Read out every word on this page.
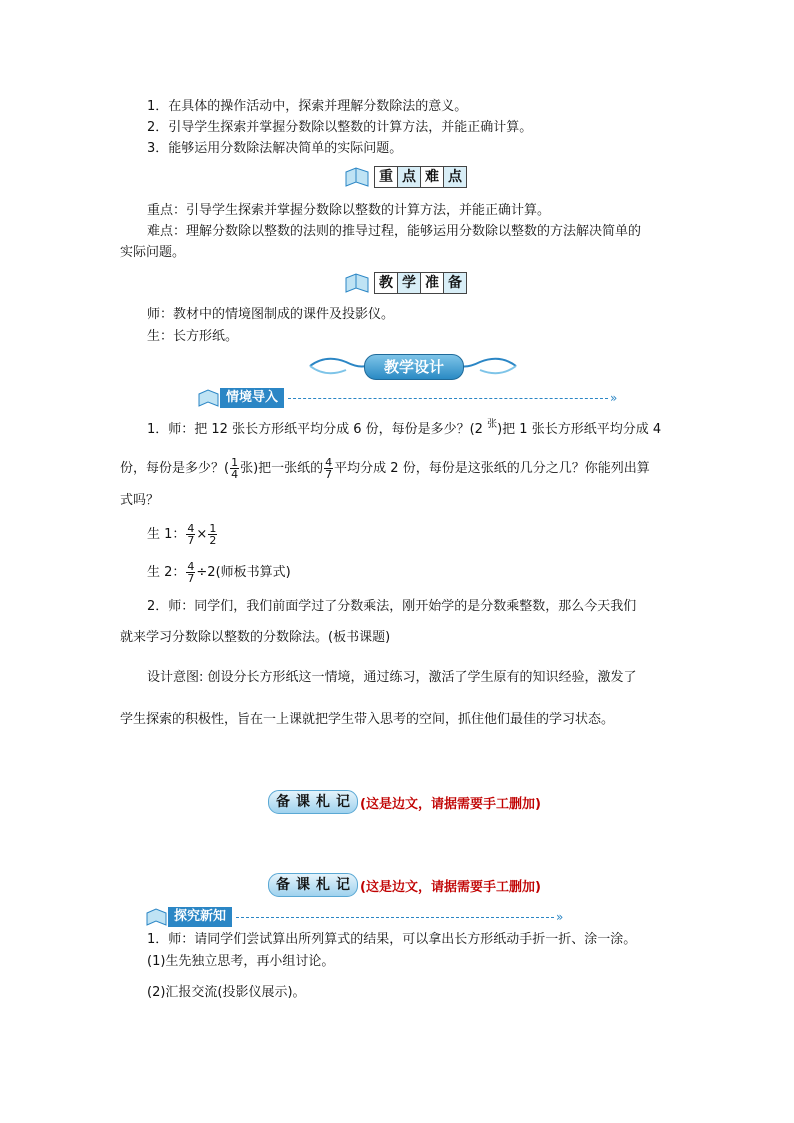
1．在具体的操作活动中，探索并理解分数除法的意义。
2．引导学生探索并掌握分数除以整数的计算方法，并能正确计算。
3．能够运用分数除法解决简单的实际问题。
重 点 难 点
重点：引导学生探索并掌握分数除以整数的计算方法，并能正确计算。
难点：理解分数除以整数的法则的推导过程，能够运用分数除以整数的方法解决简单的
实际问题。
教 学 准 备
师：教材中的情境图制成的课件及投影仪。
生：长方形纸。
教学设计
情境导入	»
1．师：把 12 张长方形纸平均分成 6 份，每份是多少？(2 $^张$)把 1 张长方形纸平均分成 4
份，每份是多少？( $\frac{1}{4}$ 张)把一张纸的 $\frac{4}{7}$ 平均分成 2 份，每份是这张纸的几分之几？你能列出算
式吗？
生 1： $\frac{4}{7} \times \frac{1}{2}$
生 2： $\frac{4}{7} \div 2$(师板书算式)
2．师：同学们，我们前面学过了分数乘法，刚开始学的是分数乘整数，那么今天我们
就来学习分数除以整数的分数除法。(板书课题)
设计意图: 创设分长方形纸这一情境，通过练习，激活了学生原有的知识经验，激发了
学生探索的积极性，旨在一上课就把学生带入思考的空间，抓住他们最佳的学习状态。
备 课 札 记 (这是边文，请据需要手工删加)
备 课 札 记 (这是边文，请据需要手工删加)
探究新知	»
1．师：请同学们尝试算出所列算式的结果，可以拿出长方形纸动手折一折、涂一涂。
(1)生先独立思考，再小组讨论。
(2)汇报交流(投影仪展示)。
